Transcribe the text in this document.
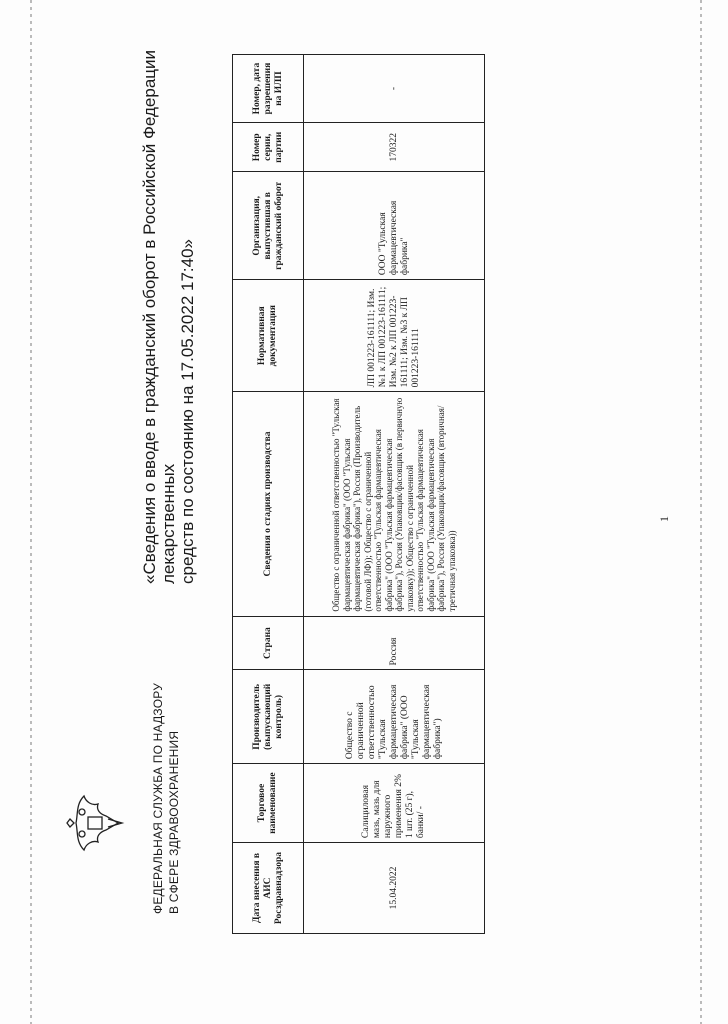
ФЕДЕРАЛЬНАЯ СЛУЖБА ПО НАДЗОРУ В СФЕРЕ ЗДРАВООХРАНЕНИЯ
«Сведения о вводе в гражданский оборот в Российской Федерации лекарственных средств по состоянию на 17.05.2022 17:40»
Дата внесения в АИС Росздравнадзора	Торговое наименование	Производитель (выпускающий контроль)	Страна	Сведения о стадиях производства	Нормативная документация	Организация, выпустившая в гражданский оборот	Номер серии, партии	Номер, дата разрешения на ИЛП
15.04.2022	Салициловая мазь, мазь для наружного применения 2% 1 шт. (25 г), банки/ -	Общество с ограниченной ответственностью "Тульская фармацевтическая фабрика" (ООО "Тульская фармацевтическая фабрика")	Россия	Общество с ограниченной ответственностью "Тульская фармацевтическая фабрика" (ООО "Тульская фармацевтическая фабрика"), Россия (Производитель (готовой ЛФ)); Общество с ограниченной ответственностью "Тульская фармацевтическая фабрика" (ООО "Тульская фармацевтическая фабрика"), Россия (Упаковщик/фасовщик (в первичную упаковку)); Общество с ограниченной ответственностью "Тульская фармацевтическая фабрика" (ООО "Тульская фармацевтическая фабрика"), Россия (Упаковщик/фасовщик (вторичная/третичная упаковка))	ЛП 001223-161111; Изм. №1 к ЛП 001223-161111; Изм. №2 к ЛП 001223-161111; Изм. №3 к ЛП 001223-161111	ООО "Тульская фармацевтическая фабрика"	170322	-
1
